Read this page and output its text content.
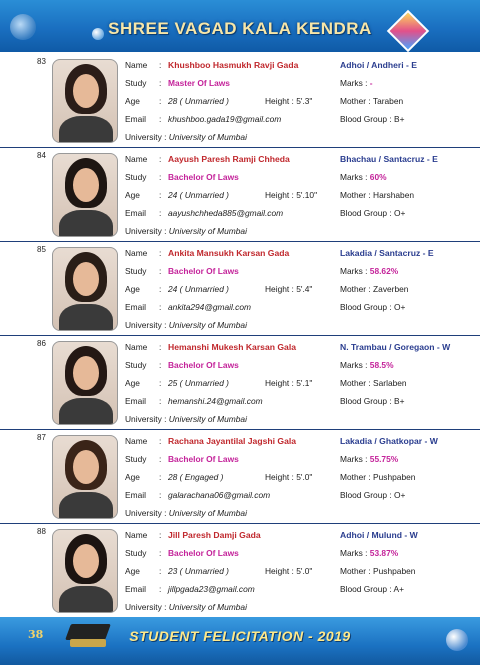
SHREE VAGAD KALA KENDRA
83	Name : Khushboo Hasmukh Ravji Gada	Adhoi / Andheri - E
Study : Master Of Laws	Marks : -
Age : 28 ( Unmarried )	Height : 5'.3"	Mother : Taraben
Email : khushboo.gada19@gmail.com	Blood Group : B+
University : University of Mumbai
84	Name : Aayush Paresh Ramji Chheda	Bhachau / Santacruz - E
Study : Bachelor Of Laws	Marks : 60%
Age : 24 ( Unmarried )	Height : 5'.10"	Mother : Harshaben
Email : aayushchheda885@gmail.com	Blood Group : O+
University : University of Mumbai
85	Name : Ankita Mansukh Karsan Gada	Lakadia / Santacruz - E
Study : Bachelor Of Laws	Marks : 58.62%
Age : 24 ( Unmarried )	Height : 5'.4"	Mother : Zaverben
Email : ankita294@gmail.com	Blood Group : O+
University : University of Mumbai
86	Name : Hemanshi Mukesh Karsan Gala	N. Trambau / Goregaon - W
Study : Bachelor Of Laws	Marks : 58.5%
Age : 25 ( Unmarried )	Height : 5'.1"	Mother : Sarlaben
Email : hemanshi.24@gmail.com	Blood Group : B+
University : University of Mumbai
87	Name : Rachana Jayantilal Jagshi Gala	Lakadia / Ghatkopar - W
Study : Bachelor Of Laws	Marks : 55.75%
Age : 28 ( Engaged )	Height : 5'.0"	Mother : Pushpaben
Email : galarachana06@gmail.com	Blood Group : O+
University : University of Mumbai
88	Name : Jill Paresh Damji Gada	Adhoi / Mulund - W
Study : Bachelor Of Laws	Marks : 53.87%
Age : 23 ( Unmarried )	Height : 5'.0"	Mother : Pushpaben
Email : jillpgada23@gmail.com	Blood Group : A+
University : University of Mumbai
38	STUDENT FELICITATION - 2019
